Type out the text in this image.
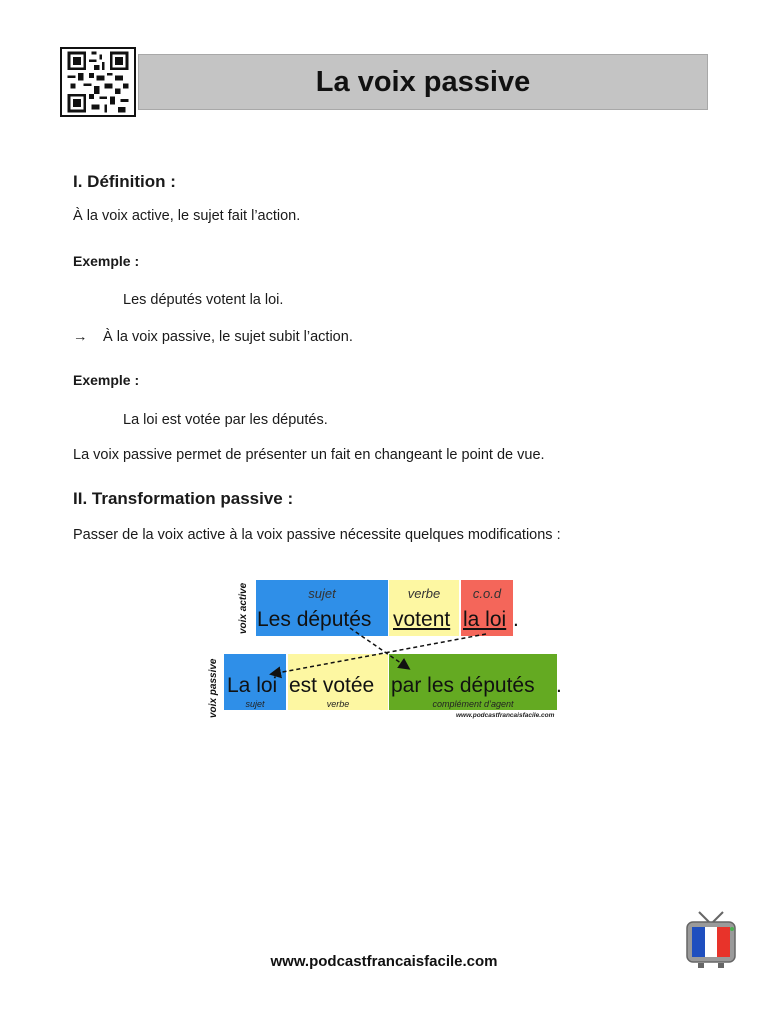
La voix passive
I. Définition :
À la voix active, le sujet fait l’action.
Exemple :
Les députés votent la loi.
→ À la voix passive, le sujet subit l’action.
Exemple :
La loi est votée par les députés.
La voix passive permet de présenter un fait en changeant le point de vue.
II. Transformation passive :
Passer de la voix active à la voix passive nécessite quelques modifications :
voix active
voix passive
sujet
Les députés
verbe
votent
c.o.d
la loi .
La loi
sujet
est votée
verbe
par les députés
complément d’agent
.
www.podcastfrancaisfacile.com
www.podcastfrancaisfacile.com
